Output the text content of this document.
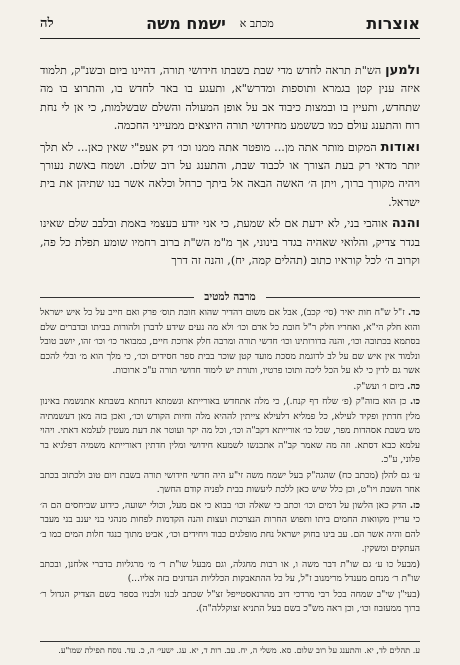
אוצרות
מכתב א
ישמח משה
לה

ולמען הש"ת תראה לחדש מדי שבת בשבתו חידושי תורה, דהיינו ביום ובשנ"ק, תלמוד איזה ענין קטן בגמרא ותוספות ומדרש"א, ותעגע בו באר לחדש בו, והתרוצ בו מה שתחדש, ותעיין בו ובמצות כיבוד אב על אופן המעולה והשלם שבשלמות, כי אן לי נחת רוח והתענג עולם כמו כששמע מחידושי תורה היוצאים ממעייני החכמה.

ואודות המקום מותר אתה מן... מופטר אתה ממנו וכו׳ דק אעפ"י שאין כאן... לא תלך יותר מדאי רק בעת הצורך או לכבוד שבת, והתענג על רוב שלום. ושמח באשת נעורך ויהיה מקורך ברוך, ויתן ה׳ האשה הבאה אל ביתך כרחל וכלאה אשר בנו שתיהן את בית ישראל.

והנה אוהבי בני, לא ידעת אם לא שמעת, כי אני יודע בעצמי באמת ובלבב שלם שאינו בגדר צדיק, והלואי שאהיה בגדר בינוני, אך מ"מ הש"ת ברוב רחמיו שומע תפלת כל פה, וקרוב ה׳ לכל קוראיו כתוב (תהלים קמה, יח), והנה זה דרך

מרבה למטיב

כד. ז"ל ש"ח חות יאיר (סי׳ קכב), אבל אם משום דהדיר שהוא חובת תוס׳ פרק ואם חייב על כל איש ישראל והוא חלק הי"א, ואחריו חלק ר"ל חובת כל אדם וכו׳ ולא מה נעים שידע לדברן ולהורות בביתו ובדברים שלם בסתמא בכתובה וכו׳, והנה בדורותינו וכו׳ חדשי תורה ומרבה חלק ארוכת חיים, כמבואר כו׳ וכו׳ זהו, יושב טובל ונלמוד אין איש שם על לב לדוגמת מסכת מועד קטן שוכר בבית ספר חסידים וכו׳, כי מלך הוא מ׳ ובלי להכם אשר גם לדין כי לא על הכל ליכה ותוכו פרטיו, ותורת יש לימוד חדושי תורה ע"כ ארוכות.

כה. ביום ו׳ ועש"ק.

כו. כן הוא בזוה"ק (פ׳ שלח דף קנח.), כי מלה אתחדש באורייתא ונשמתא דנחתא בשבתא אתנשמת באינון מלין חדתין ופקיד לעילא, כל פמליא דלעילא צייתין לההיא מלה וחיות הקודש וכו׳, ואכן בזה מאן דעשמתיה מש בשבת אסהדות מפר, שכל כו׳ אורייתא דקב"ה וכו׳, וכל מה יקר ועוטר את דעת מעטין לעלמא דאתי. ויהוי עלמא כבא דסתא. וזה מה שאמר קב"ה אתכנשו לשמעא חידושי ומלין חדתין דאורייתא משמיה דפלניא בר פלוני, ע"כ.

ע׳ גם להלן (מכתב כח) שהגה"ק בעל ישמח משה זי"ע היה חדשי חידושי תורה בשבת ויום טוב ולכתוב בכתב אחר השבת ויו"ט, וכן כלל שיש כאן ללכת ליעשות בבית לפניה קודם החשך.

כז. הדק כאן הלשון על דמים וכו׳ וכתב כי שאלה וכו׳ בבוא כי אם מעל, וכולי ישועה, כידוע שביחסים הם ה׳ כי עדיין מקוואות החמים ביתו ותפוש החרות הנצרכות ועצות והנה הקדמות לפחות מנהגי בני יענב בני מעבר להם והיה אשר הם. עב בינו בחוק ישראל נחת מופלגים כבוד ויחידים וכו׳, אביט מתוך כנגד חלות המים כמו ב׳ העתקים ומשקין.

(מבעל כו ע׳ גם שו"ת דבר משה ו, או רבות מחגלה, וגם מבעל שו"ת ר׳ מ׳ מרגליות בדברי אלחנן, ובכתב שו"ת ר׳ מנחם מענדל מרימנוב ז"ל, על כל ההתאבקות הכלליות הנדונים בזה אליו...)

(בעי"ן שי"ב שמחה בכל רבי מרדכי דוב מהרנאסטייפל זצ"ל שכתב לבנו ולבניו בספר בשם הצדיק הגדול ר׳ ברוך ממעזבוז וכו׳, וכן ראה מש"כ בשם בעל התניא זצוקללה"ה).

ע. תהלים לד, יא. והתענג על רוב שלום. סא. משלי ה, יח. עב. רות ד, יא. עג. ישעי׳ ה, כ. עד. נוסח תפילת שמו"ע.
